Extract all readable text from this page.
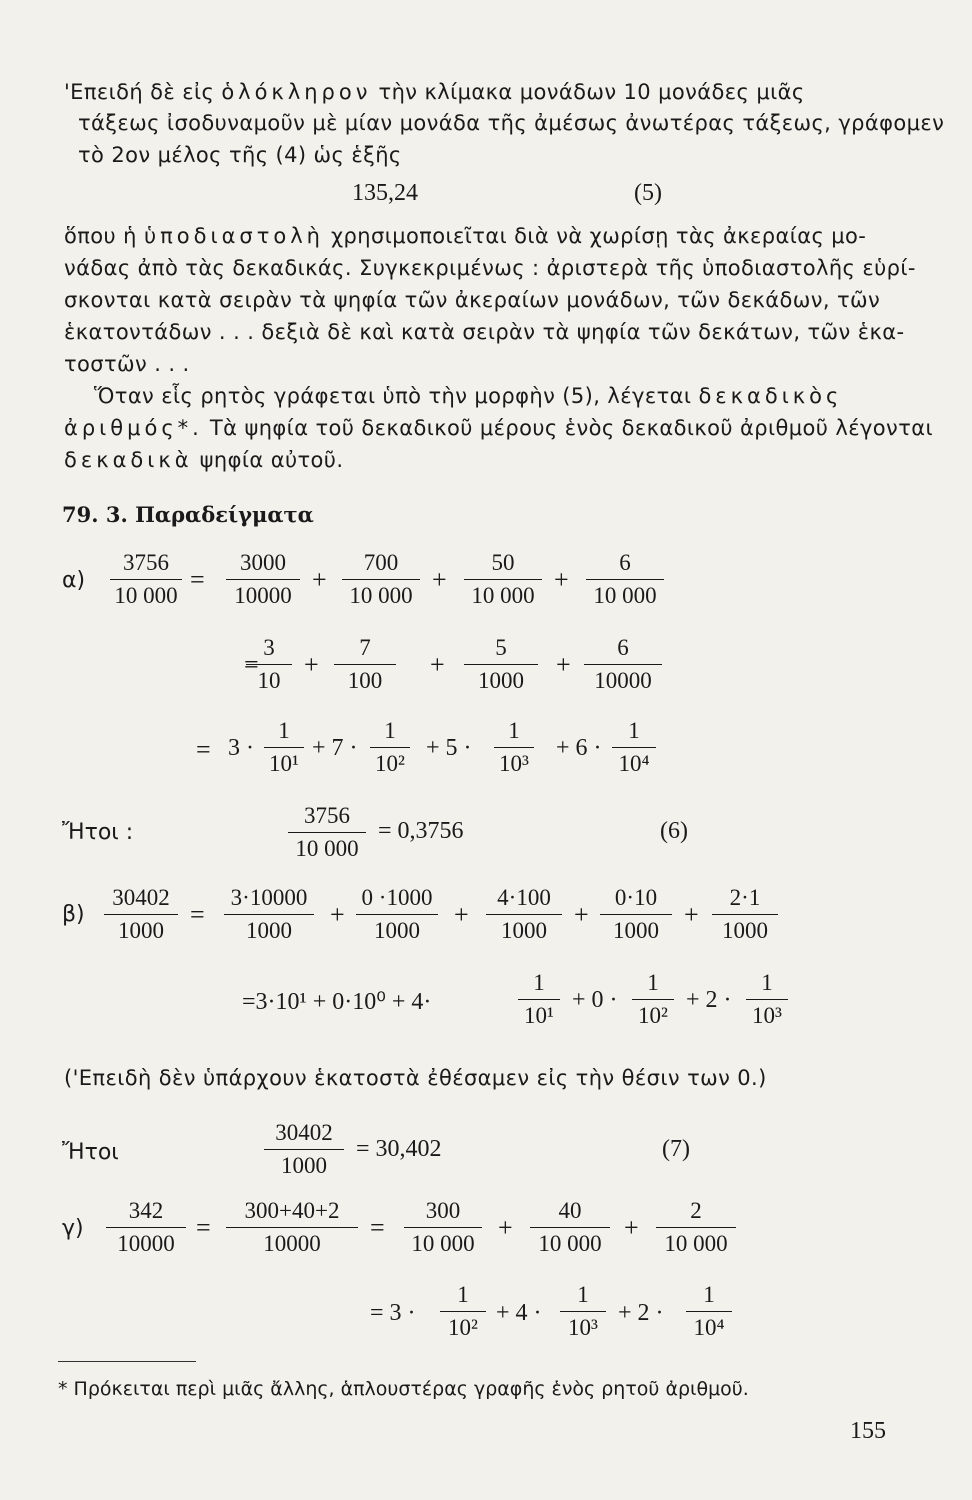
'Επειδή δὲ εἰς ὁλόκληρον τὴν κλίμακα μονάδων 10 μονάδες μιᾶς
τάξεως ἰσοδυναμοῦν μὲ μίαν μονάδα τῆς ἀμέσως ἀνωτέρας τάξεως, γράφομεν
τὸ 2ον μέλος τῆς (4) ὡς ἑξῆς
135,24	(5)
ὅπου ἡ ὑποδιαστολὴ χρησιμοποιεῖται διὰ νὰ χωρίσῃ τὰς ἀκεραίας μο-
νάδας ἀπὸ τὰς δεκαδικάς. Συγκεκριμένως : ἀριστερὰ τῆς ὑποδιαστολῆς εὑρί-
σκονται κατὰ σειρὰν τὰ ψηφία τῶν ἀκεραίων μονάδων, τῶν δεκάδων, τῶν
ἑκατοντάδων . . . δεξιὰ δὲ καὶ κατὰ σειρὰν τὰ ψηφία τῶν δεκάτων, τῶν ἑκα-
τοστῶν . . .
Ὅταν εἷς ρητὸς γράφεται ὑπὸ τὴν μορφὴν (5), λέγεται δεκαδικὸς
ἀριθμός*. Τὰ ψηφία τοῦ δεκαδικοῦ μέρους ἑνὸς δεκαδικοῦ ἀριθμοῦ λέγονται
δεκαδικὰ ψηφία αὐτοῦ.
79. 3. Παραδείγματα
α)
3756
10 000
=
3000
10000
+
700
10 000
+
50
10 000
+
6
10 000
=
3
10
+
7
100
+
5
1000
+
6
10000
= 3 ·
1
10¹
+ 7 ·
1
10²
+ 5 ·
1
10³
+ 6 ·
1
10⁴
Ἤτοι :
3756
10 000
= 0,3756	(6)
β)
30402
1000
=
3·10000
1000
+
0 ·1000
1000
+
4·100
1000
+
0·10
1000
+
2·1
1000
=3·10¹ + 0·10⁰ + 4·
1
10¹
+ 0 ·
1
10²
+ 2 ·
1
10³
('Επειδὴ δὲν ὑπάρχουν ἑκατοστὰ ἐθέσαμεν εἰς τὴν θέσιν των 0.)
Ἤτοι
30402
1000
= 30,402	(7)
γ)
342
10000
=
300+40+2
10000
=
300
10 000
+
40
10 000
+
2
10 000
= 3 ·
1
10²
+ 4 ·
1
10³
+ 2 ·
1
10⁴
* Πρόκειται περὶ μιᾶς ἄλλης, ἁπλουστέρας γραφῆς ἑνὸς ρητοῦ ἀριθμοῦ.
155
